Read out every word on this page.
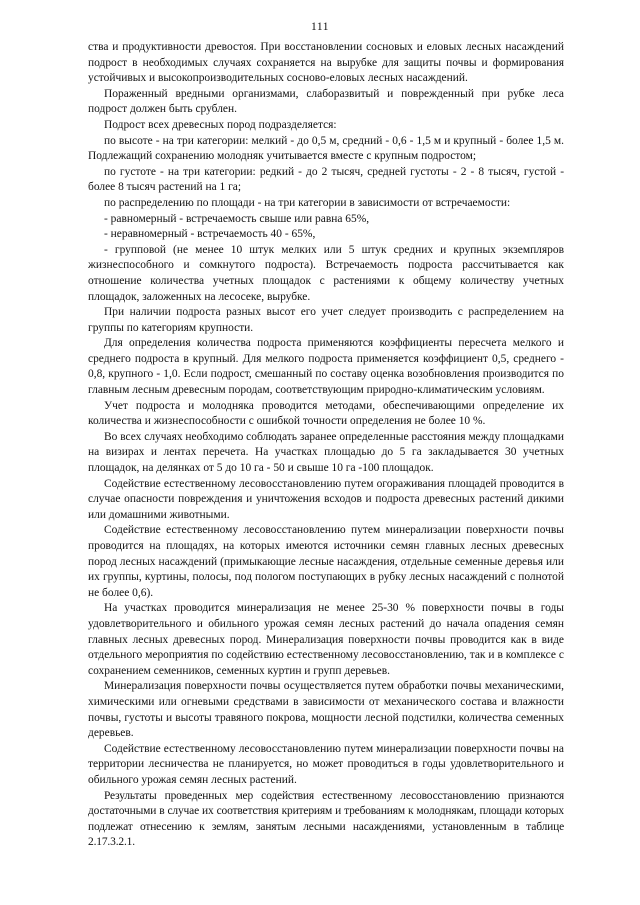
111

ства и продуктивности древостоя. При восстановлении сосновых и еловых лесных насаждений подрост в необходимых случаях сохраняется на вырубке для защиты почвы и формирования устойчивых и высокопроизводительных сосново-еловых лесных насаждений.

Пораженный вредными организмами, слаборазвитый и поврежденный при рубке леса подрост должен быть срублен.

Подрост всех древесных пород подразделяется:

по высоте - на три категории: мелкий - до 0,5 м, средний - 0,6 - 1,5 м и крупный - более 1,5 м. Подлежащий сохранению молодняк учитывается вместе с крупным подростом;

по густоте - на три категории: редкий - до 2 тысяч, средней густоты - 2 - 8 тысяч, густой - более 8 тысяч растений на 1 га;

по распределению по площади - на три категории в зависимости от встречаемости:

- равномерный - встречаемость свыше или равна 65%,

- неравномерный - встречаемость 40 - 65%,

- групповой (не менее 10 штук мелких или 5 штук средних и крупных экземпляров жизнеспособного и сомкнутого подроста). Встречаемость подроста рассчитывается как отношение количества учетных площадок с растениями к общему количеству учетных площадок, заложенных на лесосеке, вырубке.

При наличии подроста разных высот его учет следует производить с распределением на группы по категориям крупности.

Для определения количества подроста применяются коэффициенты пересчета мелкого и среднего подроста в крупный. Для мелкого подроста применяется коэффициент 0,5, среднего - 0,8, крупного - 1,0. Если подрост, смешанный по составу оценка возобновления производится по главным лесным древесным породам, соответствующим природно-климатическим условиям.

Учет подроста и молодняка проводится методами, обеспечивающими определение их количества и жизнеспособности с ошибкой точности определения не более 10 %.

Во всех случаях необходимо соблюдать заранее определенные расстояния между площадками на визирах и лентах перечета. На участках площадью до 5 га закладывается 30 учетных площадок, на делянках от 5 до 10 га - 50 и свыше 10 га -100 площадок.

Содействие естественному лесовосстановлению путем огораживания площадей проводится в случае опасности повреждения и уничтожения всходов и подроста древесных растений дикими или домашними животными.

Содействие естественному лесовосстановлению путем минерализации поверхности почвы проводится на площадях, на которых имеются источники семян главных лесных древесных пород лесных насаждений (примыкающие лесные насаждения, отдельные семенные деревья или их группы, куртины, полосы, под пологом поступающих в рубку лесных насаждений с полнотой не более 0,6).

На участках проводится минерализация не менее 25-30 % поверхности почвы в годы удовлетворительного и обильного урожая семян лесных растений до начала опадения семян главных лесных древесных пород. Минерализация поверхности почвы проводится как в виде отдельного мероприятия по содействию естественному лесовосстановлению, так и в комплексе с сохранением семенников, семенных куртин и групп деревьев.

Минерализация поверхности почвы осуществляется путем обработки почвы механическими, химическими или огневыми средствами в зависимости от механического состава и влажности почвы, густоты и высоты травяного покрова, мощности лесной подстилки, количества семенных деревьев.

Содействие естественному лесовосстановлению путем минерализации поверхности почвы на территории лесничества не планируется, но может проводиться в годы удовлетворительного и обильного урожая семян лесных растений.

Результаты проведенных мер содействия естественному лесовосстановлению признаются достаточными в случае их соответствия критериям и требованиям к молоднякам, площади которых подлежат отнесению к землям, занятым лесными насаждениями, установленным в таблице 2.17.3.2.1.
